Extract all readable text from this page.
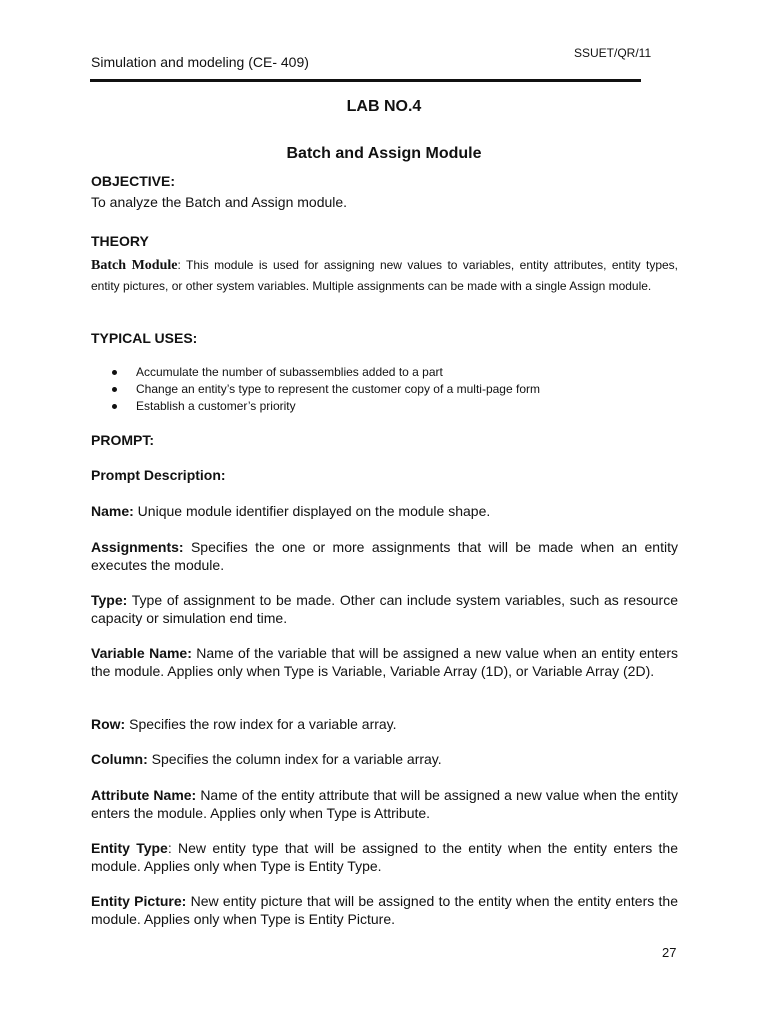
SSUET/QR/11
Simulation and modeling (CE- 409)
LAB NO.4
Batch and Assign Module
OBJECTIVE:
To analyze the Batch and Assign module.
THEORY
Batch Module: This module is used for assigning new values to variables, entity attributes, entity types, entity pictures, or other system variables. Multiple assignments can be made with a single Assign module.
TYPICAL USES:
Accumulate the number of subassemblies added to a part
Change an entity’s type to represent the customer copy of a multi-page form
Establish a customer’s priority
PROMPT:
Prompt Description:
Name: Unique module identifier displayed on the module shape.
Assignments: Specifies the one or more assignments that will be made when an entity executes the module.
Type: Type of assignment to be made. Other can include system variables, such as resource capacity or simulation end time.
Variable Name: Name of the variable that will be assigned a new value when an entity enters the module. Applies only when Type is Variable, Variable Array (1D), or Variable Array (2D).
Row: Specifies the row index for a variable array.
Column: Specifies the column index for a variable array.
Attribute Name: Name of the entity attribute that will be assigned a new value when the entity enters the module. Applies only when Type is Attribute.
Entity Type: New entity type that will be assigned to the entity when the entity enters the module. Applies only when Type is Entity Type.
Entity Picture: New entity picture that will be assigned to the entity when the entity enters the module. Applies only when Type is Entity Picture.
27
